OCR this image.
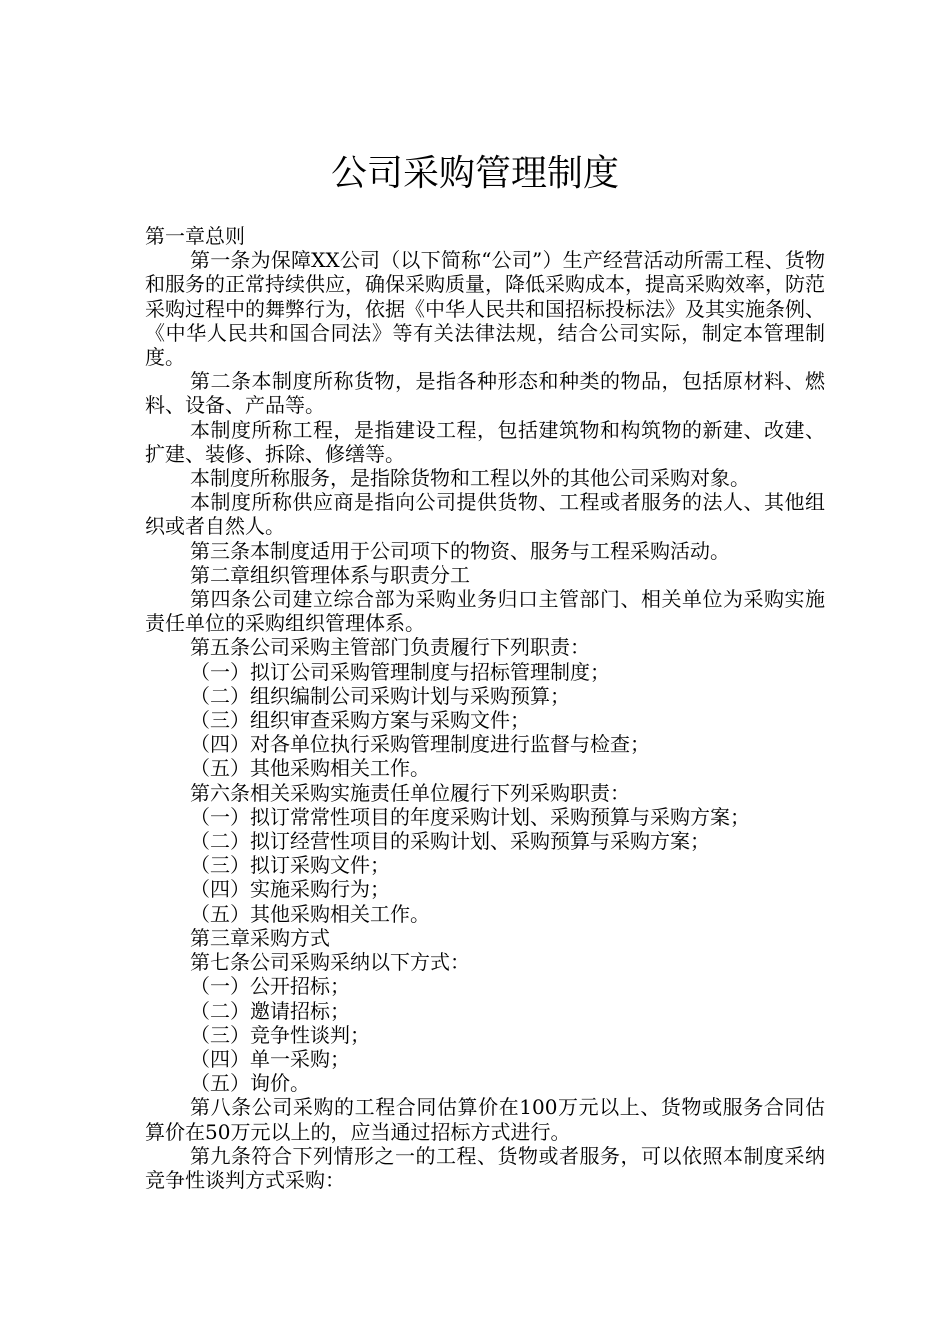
公司采购管理制度

第一章总则

第一条为保障XX公司（以下简称“公司”）生产经营活动所需工程、货物和服务的正常持续供应，确保采购质量，降低采购成本，提高采购效率，防范采购过程中的舞弊行为，依据《中华人民共和国招标投标法》及其实施条例、《中华人民共和国合同法》等有关法律法规，结合公司实际，制定本管理制度。

第二条本制度所称货物，是指各种形态和种类的物品，包括原材料、燃料、设备、产品等。

本制度所称工程，是指建设工程，包括建筑物和构筑物的新建、改建、扩建、装修、拆除、修缮等。

本制度所称服务，是指除货物和工程以外的其他公司采购对象。

本制度所称供应商是指向公司提供货物、工程或者服务的法人、其他组织或者自然人。

第三条本制度适用于公司项下的物资、服务与工程采购活动。

第二章组织管理体系与职责分工

第四条公司建立综合部为采购业务归口主管部门、相关单位为采购实施责任单位的采购组织管理体系。

第五条公司采购主管部门负责履行下列职责：

（一）拟订公司采购管理制度与招标管理制度；

（二）组织编制公司采购计划与采购预算；

（三）组织审查采购方案与采购文件；

（四）对各单位执行采购管理制度进行监督与检查；

（五）其他采购相关工作。

第六条相关采购实施责任单位履行下列采购职责：

（一）拟订常常性项目的年度采购计划、采购预算与采购方案；

（二）拟订经营性项目的采购计划、采购预算与采购方案；

（三）拟订采购文件；

（四）实施采购行为；

（五）其他采购相关工作。

第三章采购方式

第七条公司采购采纳以下方式：

（一）公开招标；

（二）邀请招标；

（三）竞争性谈判；

（四）单一采购；

（五）询价。

第八条公司采购的工程合同估算价在100万元以上、货物或服务合同估算价在50万元以上的，应当通过招标方式进行。

第九条符合下列情形之一的工程、货物或者服务，可以依照本制度采纳竞争性谈判方式采购：
